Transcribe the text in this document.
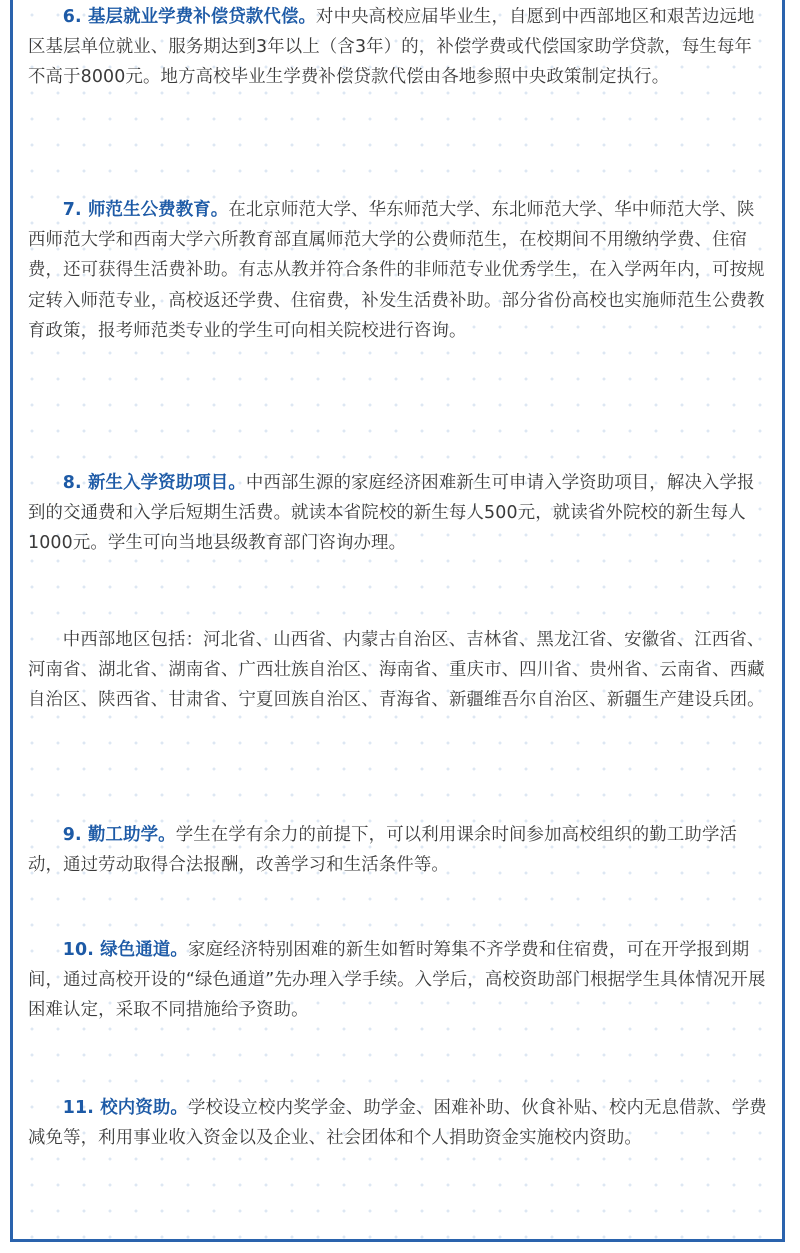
6. 基层就业学费补偿贷款代偿。对中央高校应届毕业生，自愿到中西部地区和艰苦边远地区基层单位就业、服务期达到3年以上（含3年）的，补偿学费或代偿国家助学贷款，每生每年不高于8000元。地方高校毕业生学费补偿贷款代偿由各地参照中央政策制定执行。

7. 师范生公费教育。在北京师范大学、华东师范大学、东北师范大学、华中师范大学、陕西师范大学和西南大学六所教育部直属师范大学的公费师范生，在校期间不用缴纳学费、住宿费，还可获得生活费补助。有志从教并符合条件的非师范专业优秀学生，在入学两年内，可按规定转入师范专业，高校返还学费、住宿费，补发生活费补助。部分省份高校也实施师范生公费教育政策，报考师范类专业的学生可向相关院校进行咨询。

8. 新生入学资助项目。中西部生源的家庭经济困难新生可申请入学资助项目，解决入学报到的交通费和入学后短期生活费。就读本省院校的新生每人500元，就读省外院校的新生每人1000元。学生可向当地县级教育部门咨询办理。

中西部地区包括：河北省、山西省、内蒙古自治区、吉林省、黑龙江省、安徽省、江西省、河南省、湖北省、湖南省、广西壮族自治区、海南省、重庆市、四川省、贵州省、云南省、西藏自治区、陕西省、甘肃省、宁夏回族自治区、青海省、新疆维吾尔自治区、新疆生产建设兵团。

9. 勤工助学。学生在学有余力的前提下，可以利用课余时间参加高校组织的勤工助学活动，通过劳动取得合法报酬，改善学习和生活条件等。

10. 绿色通道。家庭经济特别困难的新生如暂时筹集不齐学费和住宿费，可在开学报到期间，通过高校开设的“绿色通道”先办理入学手续。入学后，高校资助部门根据学生具体情况开展困难认定，采取不同措施给予资助。

11. 校内资助。学校设立校内奖学金、助学金、困难补助、伙食补贴、校内无息借款、学费减免等，利用事业收入资金以及企业、社会团体和个人捐助资金实施校内资助。
